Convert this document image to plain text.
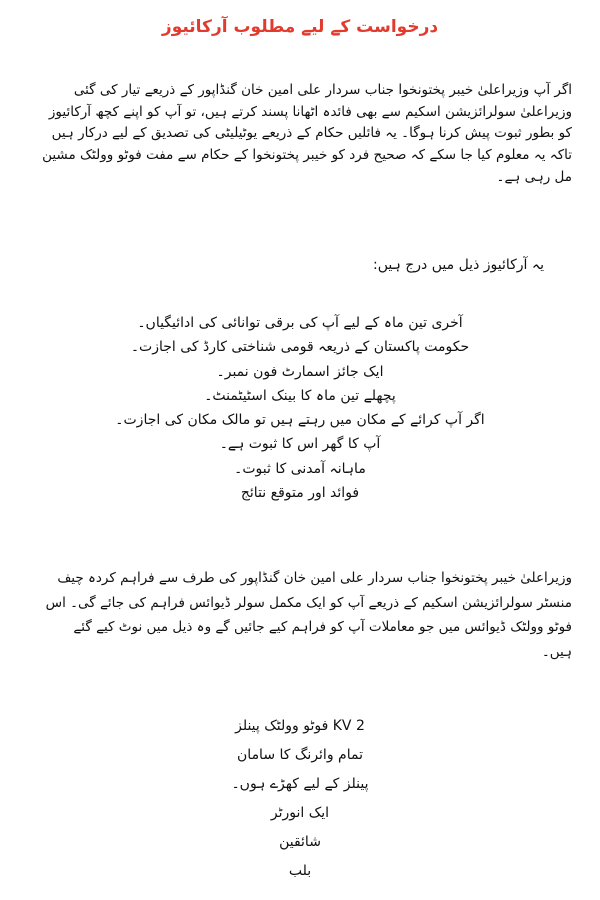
درخواست کے لیے مطلوب آرکائیوز

اگر آپ وزیراعلیٰ خیبر پختونخوا جناب سردار علی امین خان گنڈاپور کے ذریعے تیار کی گئی وزیراعلیٰ سولرائزیشن اسکیم سے بھی فائدہ اٹھانا پسند کرتے ہیں، تو آپ کو اپنے کچھ آرکائیوز کو بطور ثبوت پیش کرنا ہوگا۔ یہ فائلیں حکام کے ذریعے یوٹیلیٹی کی تصدیق کے لیے درکار ہیں تاکہ یہ معلوم کیا جا سکے کہ صحیح فرد کو خیبر پختونخوا کے حکام سے مفت فوٹو وولٹک مشین مل رہی ہے۔

یہ آرکائیوز ذیل میں درج ہیں:

آخری تین ماہ کے لیے آپ کی برقی توانائی کی ادائیگیاں۔
حکومت پاکستان کے ذریعہ قومی شناختی کارڈ کی اجازت۔
ایک جائز اسمارٹ فون نمبر۔
پچھلے تین ماہ کا بینک اسٹیٹمنٹ۔
اگر آپ کرائے کے مکان میں رہتے ہیں تو مالک مکان کی اجازت۔
آپ کا گھر اس کا ثبوت ہے۔
ماہانہ آمدنی کا ثبوت۔
فوائد اور متوقع نتائج

وزیراعلیٰ خیبر پختونخوا جناب سردار علی امین خان گنڈاپور کی طرف سے فراہم کردہ چیف منسٹر سولرائزیشن اسکیم کے ذریعے آپ کو ایک مکمل سولر ڈیوائس فراہم کی جائے گی۔ اس فوٹو وولٹک ڈیوائس میں جو معاملات آپ کو فراہم کیے جائیں گے وہ ذیل میں نوٹ کیے گئے ہیں۔

2 KV فوٹو وولٹک پینلز
تمام وائرنگ کا سامان
پینلز کے لیے کھڑے ہوں۔
ایک انورٹر
شائقین
بلب
